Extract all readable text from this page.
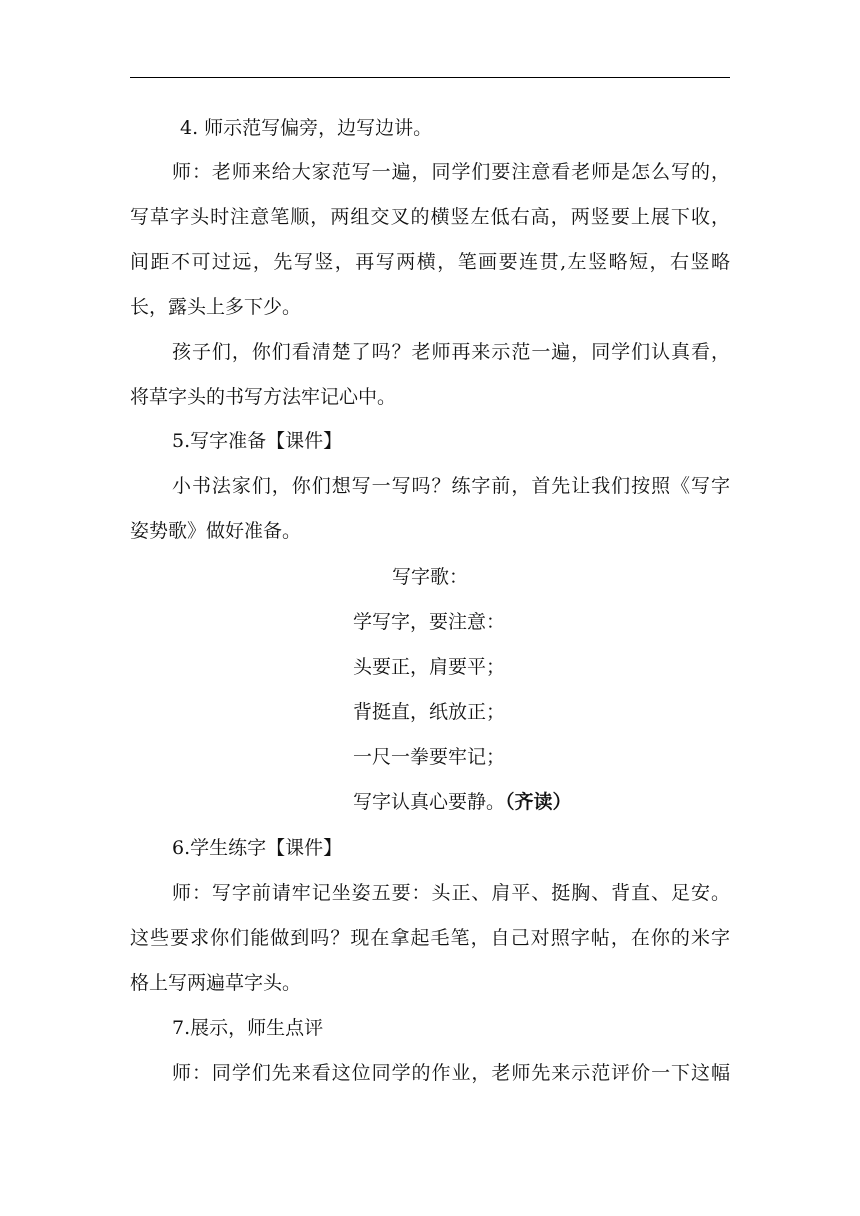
4. 师示范写偏旁，边写边讲。
师：老师来给大家范写一遍，同学们要注意看老师是怎么写的，
写草字头时注意笔顺，两组交叉的横竖左低右高，两竖要上展下收，
间距不可过远，先写竖，再写两横，笔画要连贯,左竖略短，右竖略
长，露头上多下少。
孩子们，你们看清楚了吗？老师再来示范一遍，同学们认真看，
将草字头的书写方法牢记心中。
5.写字准备【课件】
小书法家们，你们想写一写吗？练字前，首先让我们按照《写字
姿势歌》做好准备。
写字歌：
学写字，要注意：
头要正，肩要平；
背挺直，纸放正；
一尺一拳要牢记；
写字认真心要静。（齐读）
6.学生练字【课件】
师：写字前请牢记坐姿五要：头正、肩平、挺胸、背直、足安。
这些要求你们能做到吗？现在拿起毛笔，自己对照字帖，在你的米字
格上写两遍草字头。
7.展示，师生点评
师：同学们先来看这位同学的作业，老师先来示范评价一下这幅
